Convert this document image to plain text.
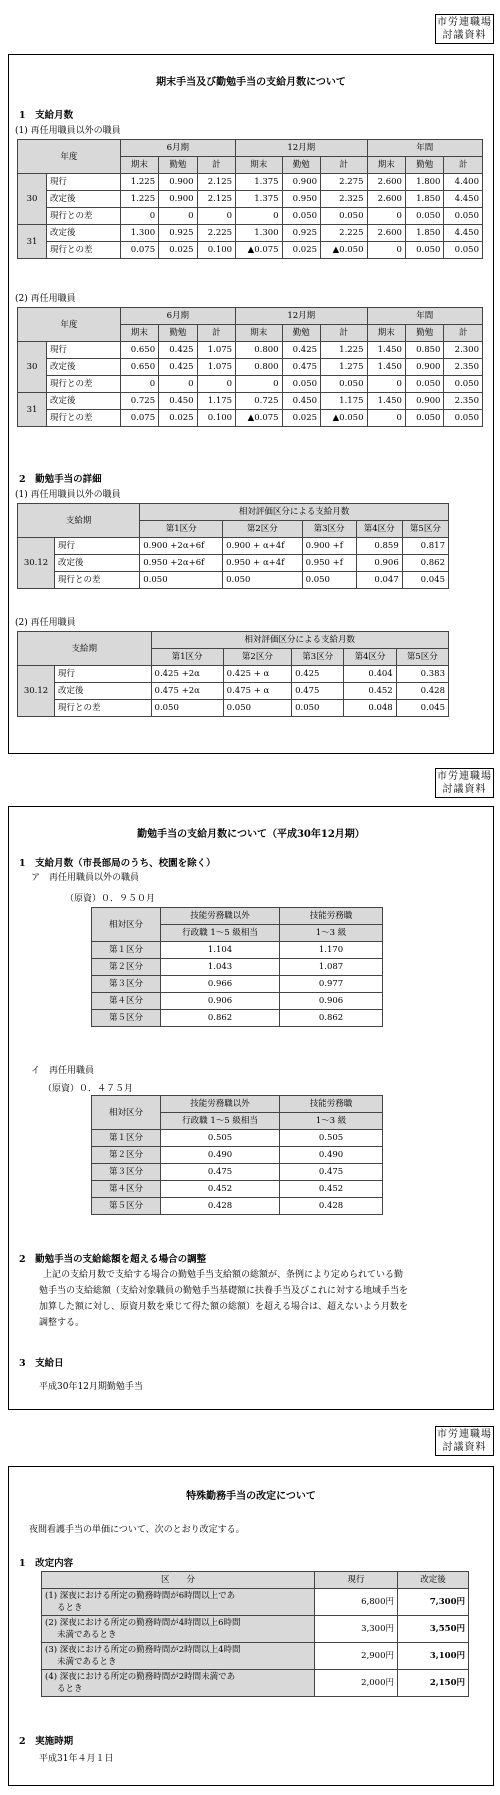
市労連職場
討議資料
期末手当及び勤勉手当の支給月数について
1　支給月数
(1) 再任用職員以外の職員
年度		6月期			12月期			年間		
		期末	勤勉	計	期末	勤勉	計	期末	勤勉	計
30	現行	1.225	0.900	2.125	1.375	0.900	2.275	2.600	1.800	4.400
	改定後	1.225	0.900	2.125	1.375	0.950	2.325	2.600	1.850	4.450
	現行との差	0	0	0	0	0.050	0.050	0	0.050	0.050
31	改定後	1.300	0.925	2.225	1.300	0.925	2.225	2.600	1.850	4.450
	現行との差	0.075	0.025	0.100	▲0.075	0.025	▲0.050	0	0.050	0.050
(2) 再任用職員
年度		6月期			12月期			年間		
		期末	勤勉	計	期末	勤勉	計	期末	勤勉	計
30	現行	0.650	0.425	1.075	0.800	0.425	1.225	1.450	0.850	2.300
	改定後	0.650	0.425	1.075	0.800	0.475	1.275	1.450	0.900	2.350
	現行との差	0	0	0	0	0.050	0.050	0	0.050	0.050
31	改定後	0.725	0.450	1.175	0.725	0.450	1.175	1.450	0.900	2.350
	現行との差	0.075	0.025	0.100	▲0.075	0.025	▲0.050	0	0.050	0.050
2　勤勉手当の詳細
(1) 再任用職員以外の職員
支給期		相対評価区分による支給月数				
		第1区分	第2区分	第3区分	第4区分	第5区分
30.12	現行	0.900 +2α+6f	0.900 + α+4f	0.900 +f	0.859	0.817
	改定後	0.950 +2α+6f	0.950 + α+4f	0.950 +f	0.906	0.862
	現行との差	0.050	0.050	0.050	0.047	0.045
(2) 再任用職員
支給期		相対評価区分による支給月数				
		第1区分	第2区分	第3区分	第4区分	第5区分
30.12	現行	0.425 +2α	0.425 + α	0.425	0.404	0.383
	改定後	0.475 +2α	0.475 + α	0.475	0.452	0.428
	現行との差	0.050	0.050	0.050	0.048	0.045
市労連職場
討議資料
勤勉手当の支給月数について（平成30年12月期）
1　支給月数（市長部局のうち、校園を除く）
ア　再任用職員以外の職員
（原資）０．９５０月
相対区分	技能労務職以外	技能労務職
	行政職 1～5 級相当	1～3 級
第１区分	1.104	1.170
第２区分	1.043	1.087
第３区分	0.966	0.977
第４区分	0.906	0.906
第５区分	0.862	0.862
イ　再任用職員
（原資）０．４７５月
相対区分	技能労務職以外	技能労務職
	行政職 1～5 級相当	1～3 級
第１区分	0.505	0.505
第２区分	0.490	0.490
第３区分	0.475	0.475
第４区分	0.452	0.452
第５区分	0.428	0.428
2　勤勉手当の支給総額を超える場合の調整
上記の支給月数で支給する場合の勤勉手当支給額の総額が、条例により定められている勤
勉手当の支給総額（支給対象職員の勤勉手当基礎額に扶養手当及びこれに対する地域手当を
加算した額に対し、原資月数を乗じて得た額の総額）を超える場合は、超えないよう月数を
調整する。
3　支給日
平成30年12月期勤勉手当
市労連職場
討議資料
特殊勤務手当の改定について
夜間看護手当の単価について、次のとおり改定する。
1　改定内容
区　　分	現行	改定後

(1) 深夜における所定の勤務時間が6時間以上であ
るとき	6,800円	7,300円

(2) 深夜における所定の勤務時間が4時間以上6時間
未満であるとき	3,300円	3,550円

(3) 深夜における所定の勤務時間が2時間以上4時間
未満であるとき	2,900円	3,100円

(4) 深夜における所定の勤務時間が2時間未満であ
るとき	2,000円	2,150円
2　実施時期
平成31年４月１日
